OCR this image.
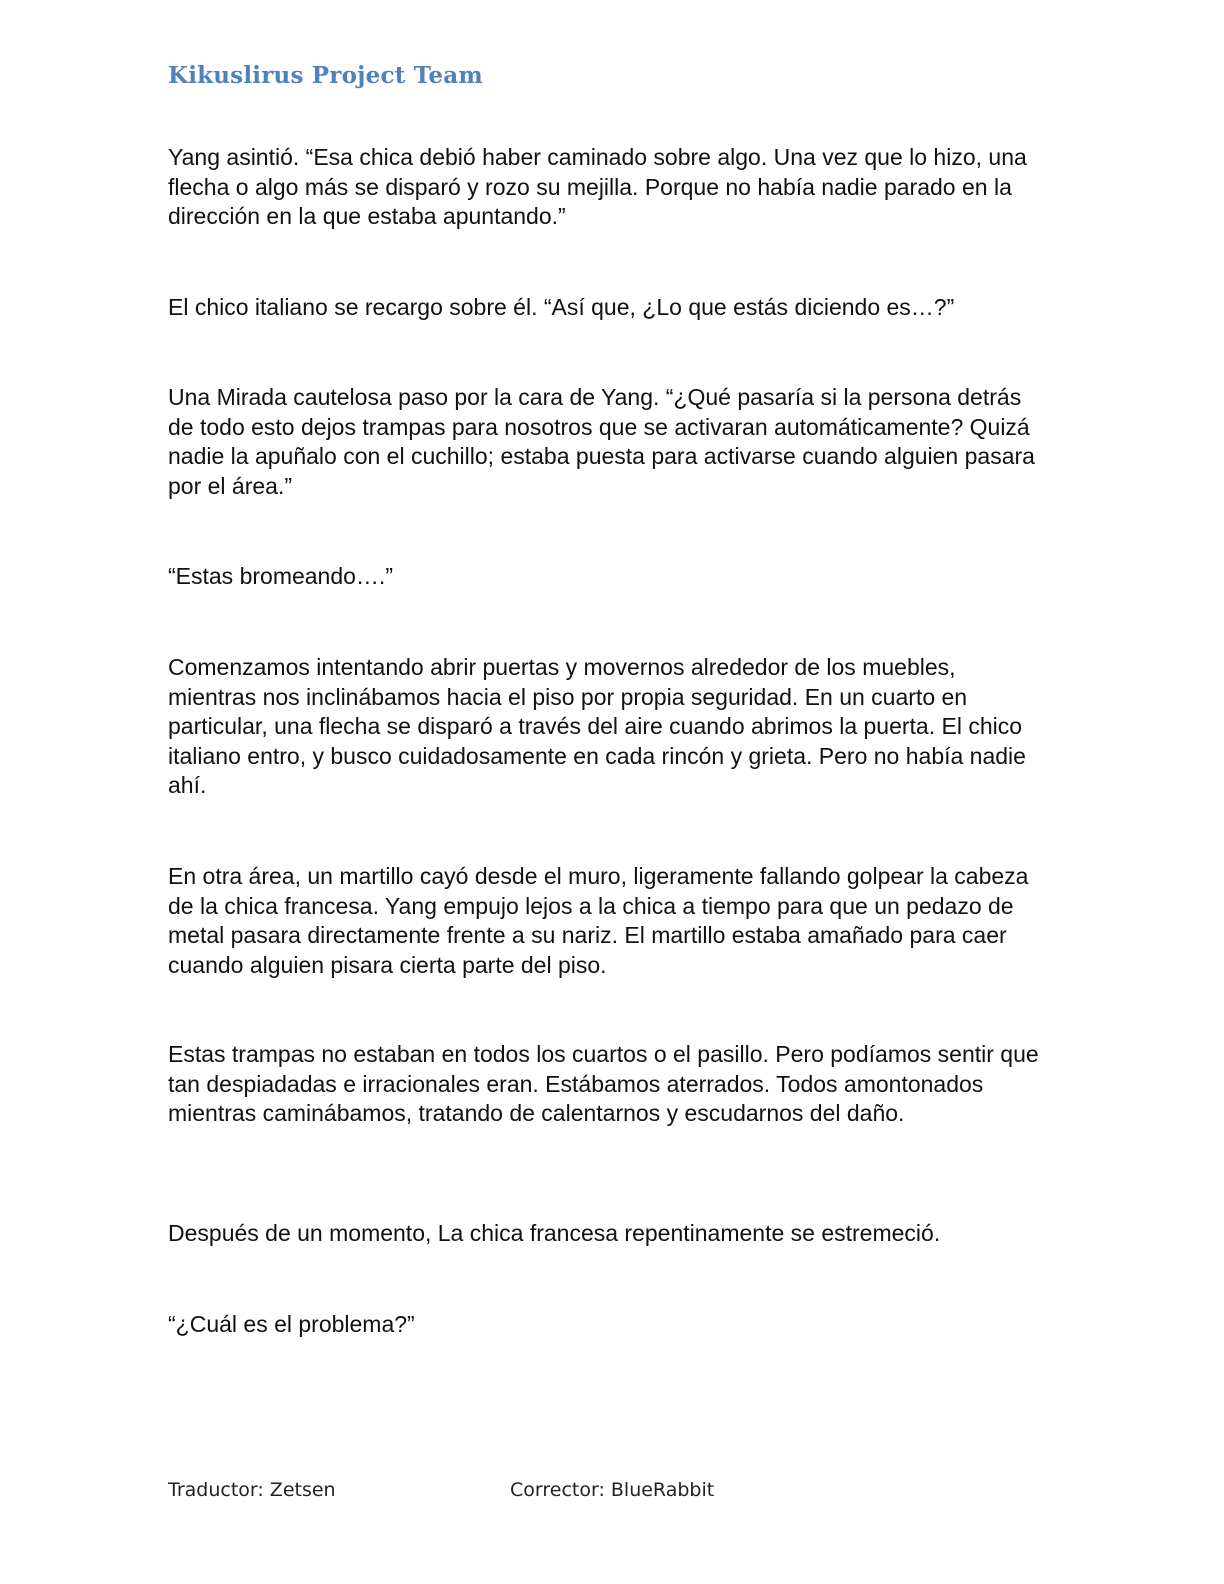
Kikuslirus Project Team

Yang asintió. “Esa chica debió haber caminado sobre algo. Una vez que lo hizo, una flecha o algo más se disparó y rozo su mejilla. Porque no había nadie parado en la dirección en la que estaba apuntando.”

El chico italiano se recargo sobre él. “Así que, ¿Lo que estás diciendo es…?”

Una Mirada cautelosa paso por la cara de Yang. “¿Qué pasaría si la persona detrás de todo esto dejos trampas para nosotros que se activaran automáticamente? Quizá nadie la apuñalo con el cuchillo; estaba puesta para activarse cuando alguien pasara por el área.”

“Estas bromeando….”

Comenzamos intentando abrir puertas y movernos alrededor de los muebles, mientras nos inclinábamos hacia el piso por propia seguridad. En un cuarto en particular, una flecha se disparó a través del aire cuando abrimos la puerta. El chico italiano entro, y busco cuidadosamente en cada rincón y grieta. Pero no había nadie ahí.

En otra área, un martillo cayó desde el muro, ligeramente fallando golpear la cabeza de la chica francesa. Yang empujo lejos a la chica a tiempo para que un pedazo de metal pasara directamente frente a su nariz. El martillo estaba amañado para caer cuando alguien pisara cierta parte del piso.

Estas trampas no estaban en todos los cuartos o el pasillo. Pero podíamos sentir que tan despiadadas e irracionales eran. Estábamos aterrados. Todos amontonados mientras caminábamos, tratando de calentarnos y escudarnos del daño.

Después de un momento, La chica francesa repentinamente se estremeció.

“¿Cuál es el problema?”

Traductor: Zetsen	Corrector: BlueRabbit
